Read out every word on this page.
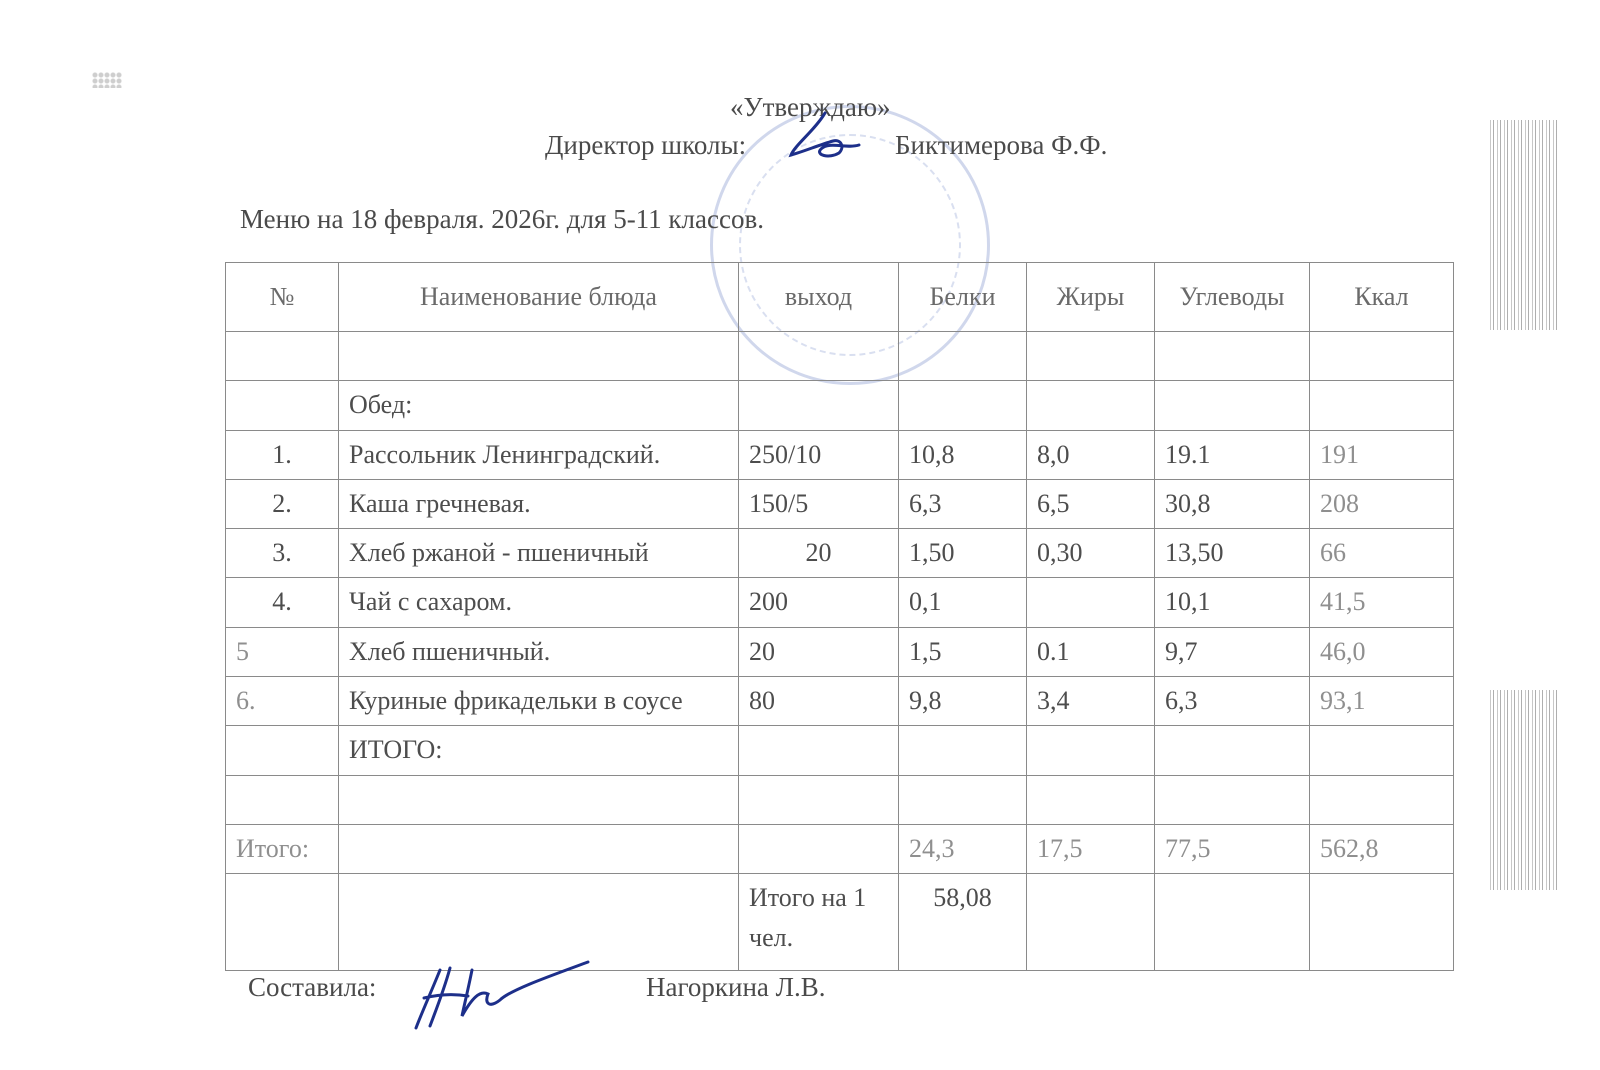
«Утверждаю»
Директор школы:	Биктимерова Ф.Ф.
Меню на 18 февраля. 2026г. для 5-11 классов.
№	Наименование блюда	выход	Белки	Жиры	Углеводы	Ккал

	Обед:					
1.	Рассольник Ленинградский.	250/10	10,8	8,0	19.1	191
2.	Каша гречневая.	150/5	6,3	6,5	30,8	208
3.	Хлеб ржаной - пшеничный	20	1,50	0,30	13,50	66
4.	Чай с сахаром.	200	0,1		10,1	41,5
5	Хлеб пшеничный.	20	1,5	0.1	9,7	46,0
6.	Куриные фрикадельки в соусе	80	9,8	3,4	6,3	93,1
	ИТОГО:					

Итого:			24,3	17,5	77,5	562,8
		Итого на 1 чел.	58,08			
Составила:	Нагоркина Л.В.
